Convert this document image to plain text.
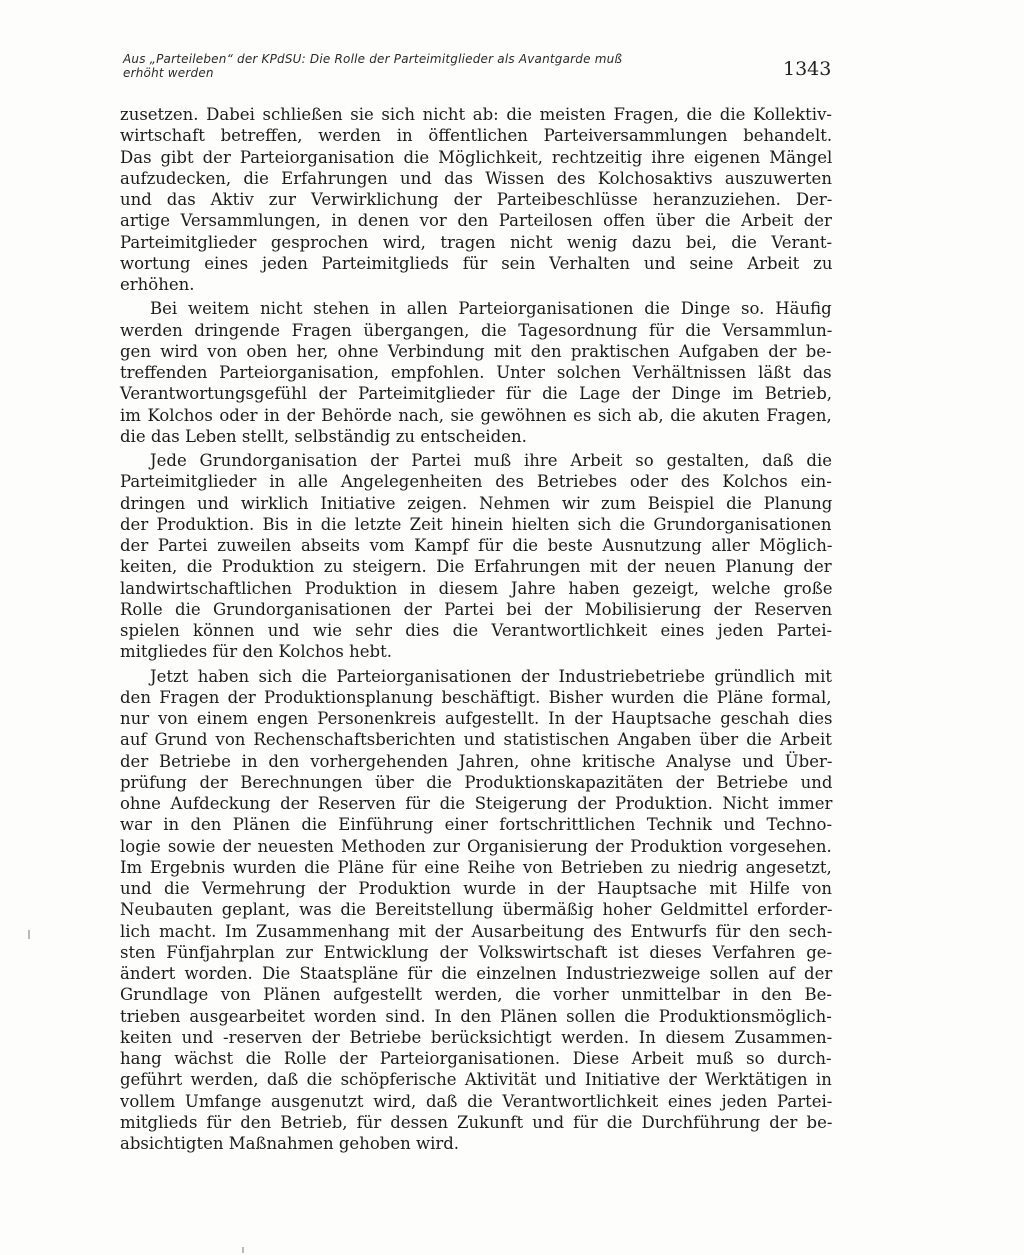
Aus „Parteileben“ der KPdSU: Die Rolle der Parteimitglieder als Avantgarde muß
erhöht werden	1343
zusetzen. Dabei schließen sie sich nicht ab: die meisten Fragen, die die Kollektiv-
wirtschaft betreffen, werden in öffentlichen Parteiversammlungen behandelt.
Das gibt der Parteiorganisation die Möglichkeit, rechtzeitig ihre eigenen Mängel
aufzudecken, die Erfahrungen und das Wissen des Kolchosaktivs auszuwerten
und das Aktiv zur Verwirklichung der Parteibeschlüsse heranzuziehen. Der-
artige Versammlungen, in denen vor den Parteilosen offen über die Arbeit der
Parteimitglieder gesprochen wird, tragen nicht wenig dazu bei, die Verant-
wortung eines jeden Parteimitglieds für sein Verhalten und seine Arbeit zu
erhöhen.
Bei weitem nicht stehen in allen Parteiorganisationen die Dinge so. Häufig
werden dringende Fragen übergangen, die Tagesordnung für die Versammlun-
gen wird von oben her, ohne Verbindung mit den praktischen Aufgaben der be-
treffenden Parteiorganisation, empfohlen. Unter solchen Verhältnissen läßt das
Verantwortungsgefühl der Parteimitglieder für die Lage der Dinge im Betrieb,
im Kolchos oder in der Behörde nach, sie gewöhnen es sich ab, die akuten Fragen,
die das Leben stellt, selbständig zu entscheiden.
Jede Grundorganisation der Partei muß ihre Arbeit so gestalten, daß die
Parteimitglieder in alle Angelegenheiten des Betriebes oder des Kolchos ein-
dringen und wirklich Initiative zeigen. Nehmen wir zum Beispiel die Planung
der Produktion. Bis in die letzte Zeit hinein hielten sich die Grundorganisationen
der Partei zuweilen abseits vom Kampf für die beste Ausnutzung aller Möglich-
keiten, die Produktion zu steigern. Die Erfahrungen mit der neuen Planung der
landwirtschaftlichen Produktion in diesem Jahre haben gezeigt, welche große
Rolle die Grundorganisationen der Partei bei der Mobilisierung der Reserven
spielen können und wie sehr dies die Verantwortlichkeit eines jeden Partei-
mitgliedes für den Kolchos hebt.
Jetzt haben sich die Parteiorganisationen der Industriebetriebe gründlich mit
den Fragen der Produktionsplanung beschäftigt. Bisher wurden die Pläne formal,
nur von einem engen Personenkreis aufgestellt. In der Hauptsache geschah dies
auf Grund von Rechenschaftsberichten und statistischen Angaben über die Arbeit
der Betriebe in den vorhergehenden Jahren, ohne kritische Analyse und Über-
prüfung der Berechnungen über die Produktionskapazitäten der Betriebe und
ohne Aufdeckung der Reserven für die Steigerung der Produktion. Nicht immer
war in den Plänen die Einführung einer fortschrittlichen Technik und Techno-
logie sowie der neuesten Methoden zur Organisierung der Produktion vorgesehen.
Im Ergebnis wurden die Pläne für eine Reihe von Betrieben zu niedrig angesetzt,
und die Vermehrung der Produktion wurde in der Hauptsache mit Hilfe von
Neubauten geplant, was die Bereitstellung übermäßig hoher Geldmittel erforder-
lich macht. Im Zusammenhang mit der Ausarbeitung des Entwurfs für den sech-
sten Fünfjahrplan zur Entwicklung der Volkswirtschaft ist dieses Verfahren ge-
ändert worden. Die Staatspläne für die einzelnen Industriezweige sollen auf der
Grundlage von Plänen aufgestellt werden, die vorher unmittelbar in den Be-
trieben ausgearbeitet worden sind. In den Plänen sollen die Produktionsmöglich-
keiten und -reserven der Betriebe berücksichtigt werden. In diesem Zusammen-
hang wächst die Rolle der Parteiorganisationen. Diese Arbeit muß so durch-
geführt werden, daß die schöpferische Aktivität und Initiative der Werktätigen in
vollem Umfange ausgenutzt wird, daß die Verantwortlichkeit eines jeden Partei-
mitglieds für den Betrieb, für dessen Zukunft und für die Durchführung der be-
absichtigten Maßnahmen gehoben wird.
